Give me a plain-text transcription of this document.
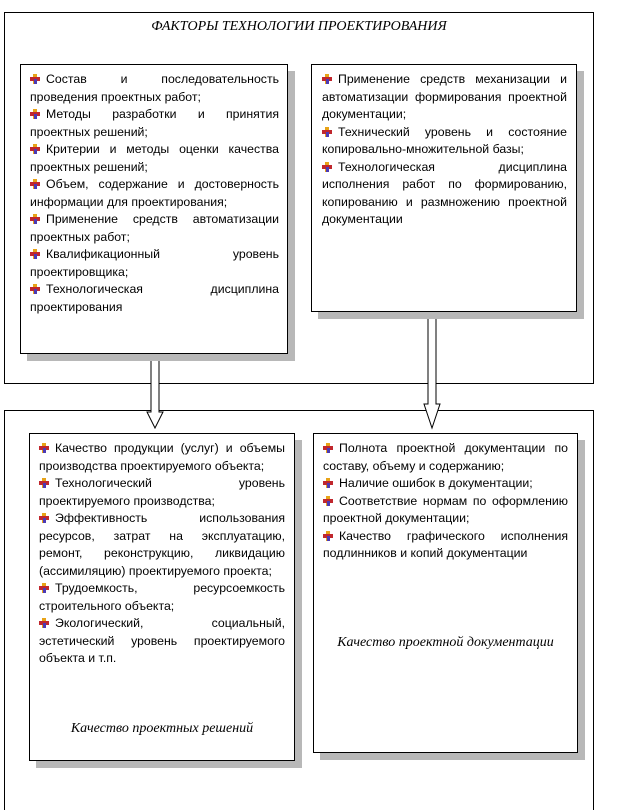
ФАКТОРЫ ТЕХНОЛОГИИ ПРОЕКТИРОВАНИЯ
Состав и последовательность проведения проектных работ;
Методы разработки и принятия проектных решений;
Критерии и методы оценки качества проектных решений;
Объем, содержание и достоверность информации для проектирования;
Применение средств автоматизации проектных работ;
Квалификационный уровень проектировщика;
Технологическая дисциплина проектирования
Применение средств механизации и автоматизации формирования проектной документации;
Технический уровень и состояние копировально-множительной базы;
Технологическая дисциплина исполнения работ по формированию, копированию и размножению проектной документации
Качество продукции (услуг) и объемы производства проектируемого объекта;
Технологический уровень проектируемого производства;
Эффективность использования ресурсов, затрат на эксплуатацию, ремонт, реконструкцию, ликвидацию (ассимиляцию) проектируемого проекта;
Трудоемкость, ресурсоемкость строительного объекта;
Экологический, социальный, эстетический уровень проектируемого объекта и т.п.
Качество проектных решений
Полнота проектной документации по составу, объему и содержанию;
Наличие ошибок в документации;
Соответствие нормам по оформлению проектной документации;
Качество графического исполнения подлинников и копий документации
Качество проектной документации
